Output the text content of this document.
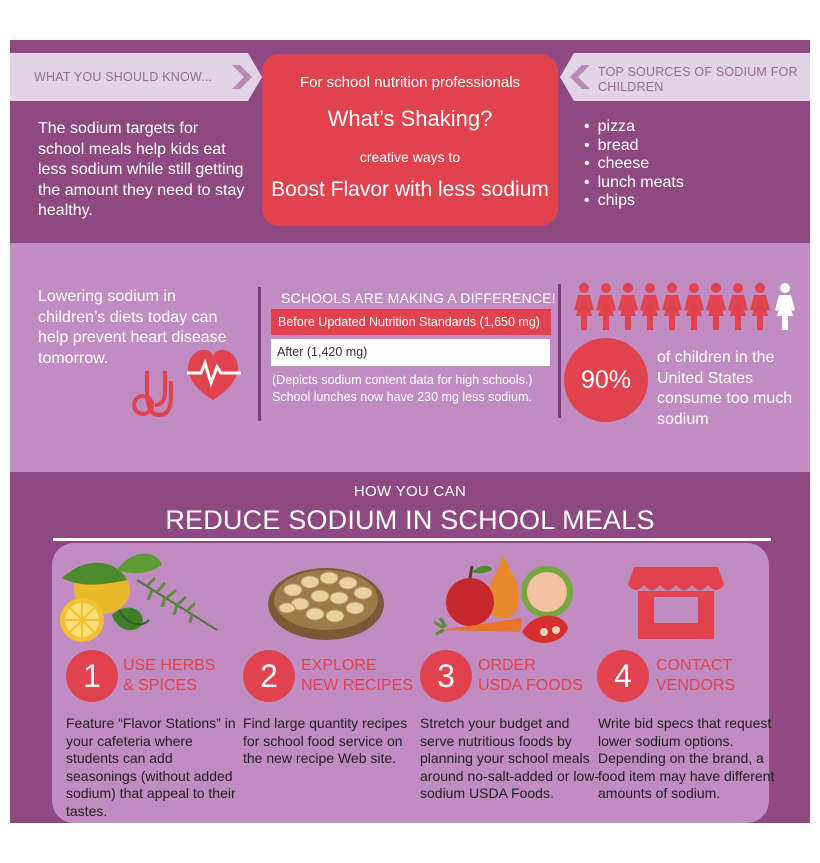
WHAT YOU SHOULD KNOW...	TOP SOURCES OF SODIUM FOR
CHILDREN
For school nutrition professionals
What’s Shaking?
creative ways to
Boost Flavor with less sodium
The sodium targets for school meals help kids eat less sodium while still getting the amount they need to stay healthy.
• pizza
• bread
• cheese
• lunch meats
• chips
Lowering sodium in children’s diets today can help prevent heart disease tomorrow.
SCHOOLS ARE MAKING A DIFFERENCE!
Before Updated Nutrition Standards (1,650 mg)
After (1,420 mg)
(Depicts sodium content data for high schools.)
School lunches now have 230 mg less sodium.
90%
of children in the United States consume too much sodium
HOW YOU CAN
REDUCE SODIUM IN SCHOOL MEALS
1	2	3	4
USE HERBS
& SPICES
EXPLORE
NEW RECIPES
ORDER
USDA FOODS
CONTACT
VENDORS
Feature “Flavor Stations” in your cafeteria where students can add seasonings (without added sodium) that appeal to their tastes.
Find large quantity recipes for school food service on the new recipe Web site.
Stretch your budget and serve nutritious foods by planning your school meals around no-salt-added or low-sodium USDA Foods.
Write bid specs that request lower sodium options. Depending on the brand, a food item may have different amounts of sodium.
